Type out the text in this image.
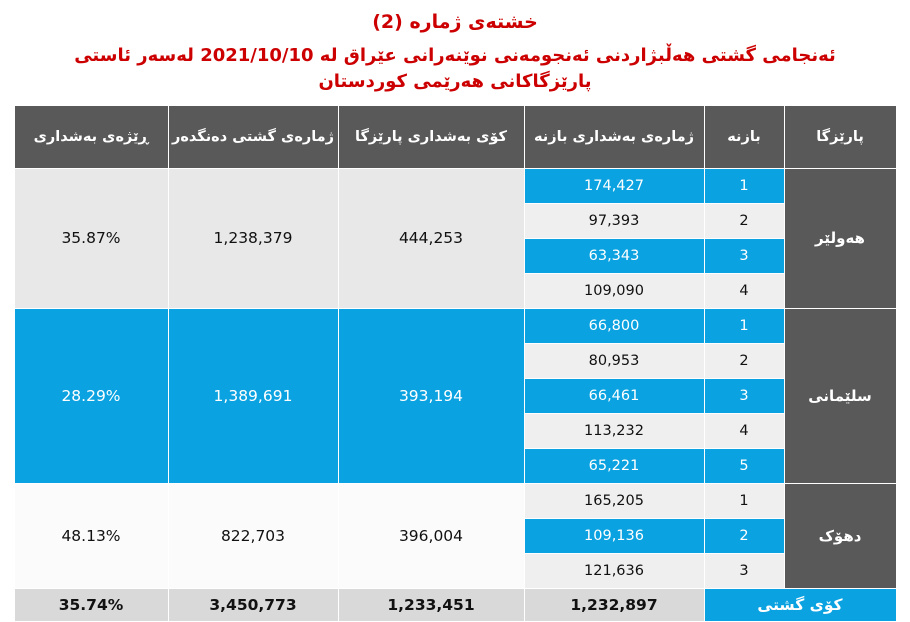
خشتەی ژماره (2)
ئەنجامی گشتی هەڵبژاردنی ئەنجومەنی نوێنەرانی عێراق لە 2021/10/10 لەسەر ئاستی پارێزگاکانی هەرێمی کوردستان
پارێزگا	بازنە	ژمارەی بەشداری بازنە	کۆی بەشداری پارێزگا	ژمارەی گشتی دەنگدەر	ڕێژەی بەشداری
هەولێر	1	174,427	444,253	1,238,379	35.87%
	2	97,393			
	3	63,343			
	4	109,090			
سلێمانی	1	66,800	393,194	1,389,691	28.29%
	2	80,953			
	3	66,461			
	4	113,232			
	5	65,221			
دهۆک	1	165,205	396,004	822,703	48.13%
	2	109,136			
	3	121,636			
کۆی گشتی		1,232,897	1,233,451	3,450,773	35.74%
